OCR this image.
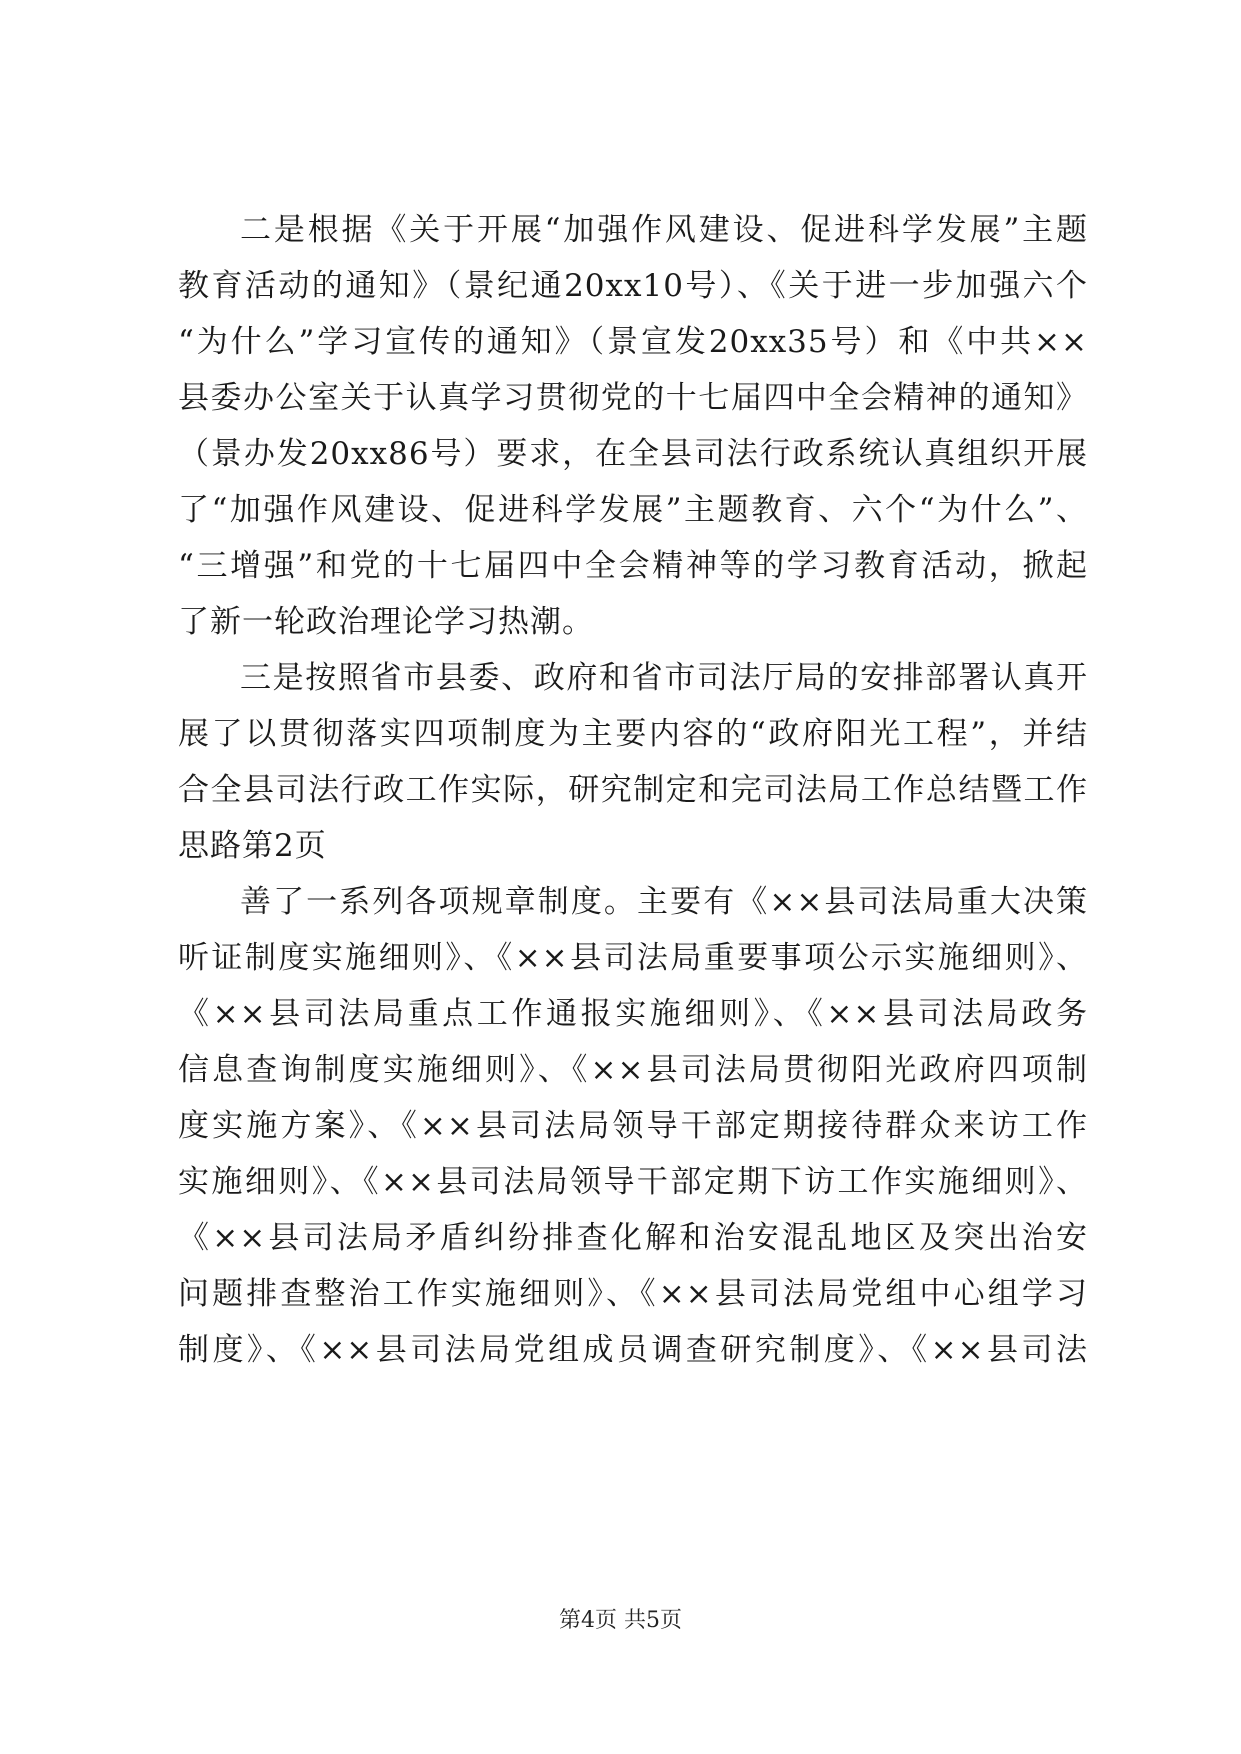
二是根据《关于开展“加强作风建设、促进科学发展”主题
教育活动的通知》（景纪通20xx10号）、《关于进一步加强六个
“为什么”学习宣传的通知》（景宣发20xx35号）和《中共××
县委办公室关于认真学习贯彻党的十七届四中全会精神的通知》
（景办发20xx86号）要求，在全县司法行政系统认真组织开展
了“加强作风建设、促进科学发展”主题教育、六个“为什么”、
“三增强”和党的十七届四中全会精神等的学习教育活动，掀起
了新一轮政治理论学习热潮。
三是按照省市县委、政府和省市司法厅局的安排部署认真开
展了以贯彻落实四项制度为主要内容的“政府阳光工程”，并结
合全县司法行政工作实际，研究制定和完司法局工作总结暨工作
思路第2页
善了一系列各项规章制度。主要有《××县司法局重大决策
听证制度实施细则》、《××县司法局重要事项公示实施细则》、
《××县司法局重点工作通报实施细则》、《××县司法局政务
信息查询制度实施细则》、《××县司法局贯彻阳光政府四项制
度实施方案》、《××县司法局领导干部定期接待群众来访工作
实施细则》、《××县司法局领导干部定期下访工作实施细则》、
《××县司法局矛盾纠纷排查化解和治安混乱地区及突出治安
问题排查整治工作实施细则》、《××县司法局党组中心组学习
制度》、《××县司法局党组成员调查研究制度》、《××县司法
第4页 共5页
